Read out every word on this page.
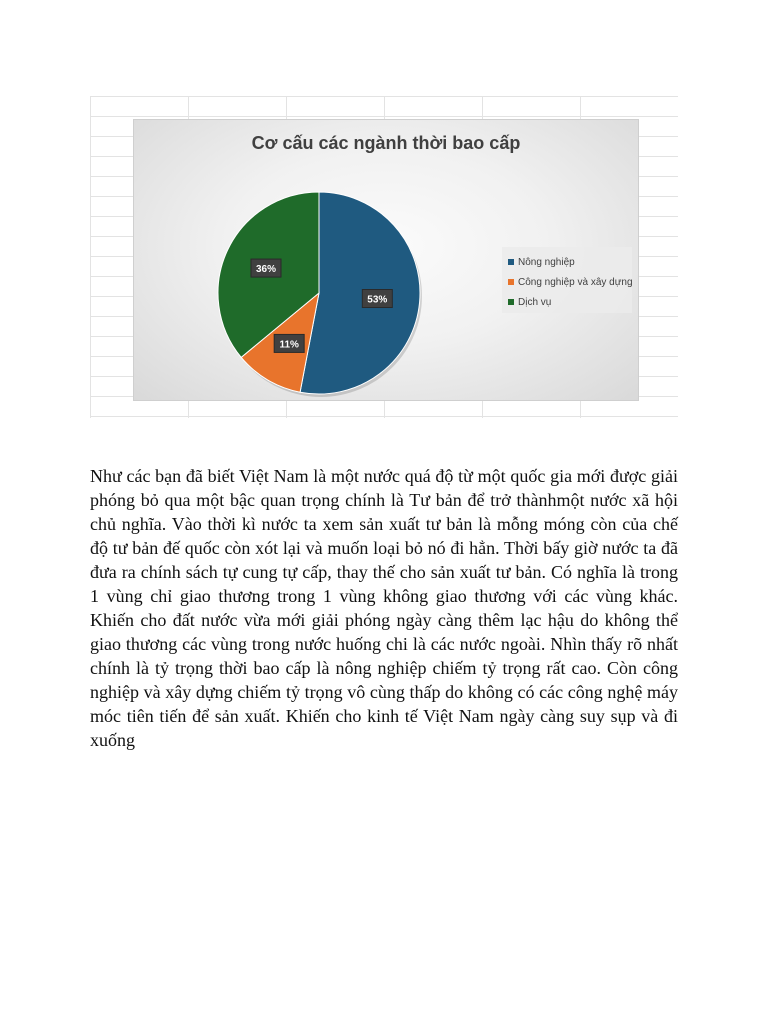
Cơ cấu các ngành thời bao cấp
53%
11%
36%
Nông nghiệp
Công nghiệp và xây dựng
Dịch vụ

Như các bạn đã biết Việt Nam là một nước quá độ từ một quốc gia mới được giải phóng bỏ qua một bậc quan trọng chính là Tư bản để trở thànhmột nước xã hội chủ nghĩa. Vào thời kì nước ta xem sản xuất tư bản là mỗng móng còn của chế độ tư bản đế quốc còn xót lại và muốn loại bỏ nó đi hẳn. Thời bấy giờ nước ta đã đưa ra chính sách tự cung tự cấp, thay thế cho sản xuất tư bản. Có nghĩa là trong 1 vùng chỉ giao thương trong 1 vùng không giao thương với các vùng khác. Khiến cho đất nước vừa mới giải phóng ngày càng thêm lạc hậu do không thể giao thương các vùng trong nước huống chi là các nước ngoài. Nhìn thấy rõ nhất chính là tỷ trọng thời bao cấp là nông nghiệp chiếm tỷ trọng rất cao. Còn công nghiệp và xây dựng chiếm tỷ trọng vô cùng thấp do không có các công nghệ máy móc tiên tiến để sản xuất. Khiến cho kinh tế Việt Nam ngày càng suy sụp và đi xuống
